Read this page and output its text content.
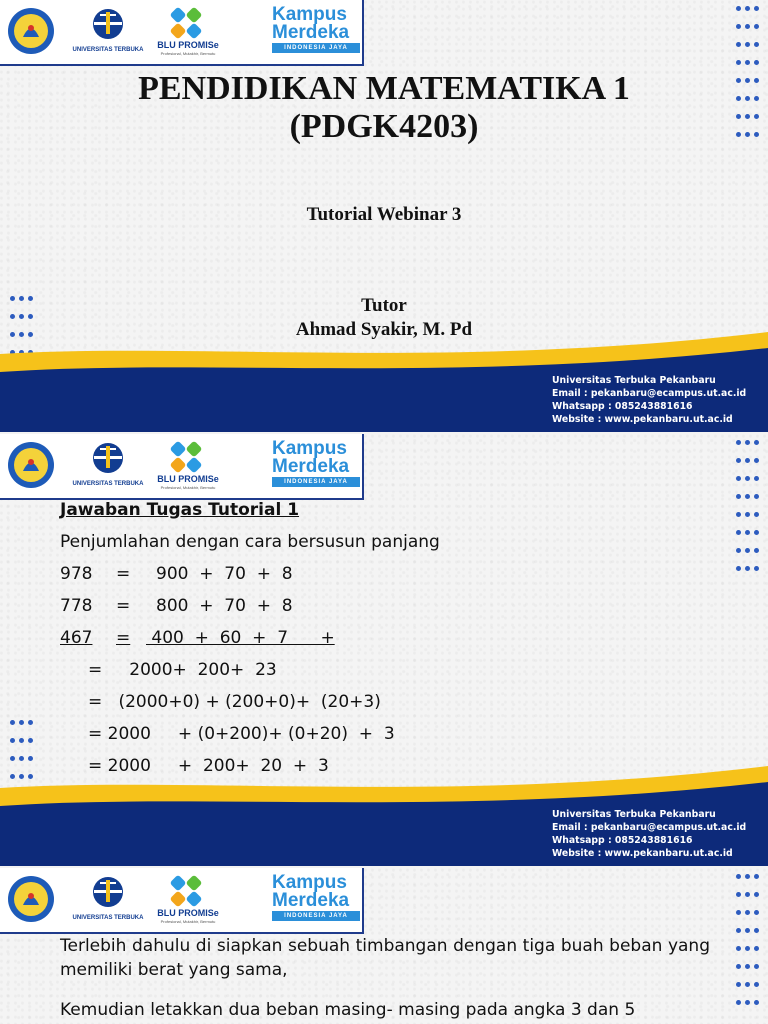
UNIVERSITAS TERBUKA BLU PROMISe
Profesional, Mutakhir, Bermutu
Kampus
Merdeka
INDONESIA JAYA
PENDIDIKAN MATEMATIKA 1
(PDGK4203)
Tutorial Webinar 3
Tutor
Ahmad Syakir, M. Pd
Universitas Terbuka Pekanbaru
Email : pekanbaru@ecampus.ut.ac.id
Whatsapp : 085243881616
Website : www.pekanbaru.ut.ac.id
UNIVERSITAS TERBUKA BLU PROMISe
Profesional, Mutakhir, Bermutu
Kampus
Merdeka
INDONESIA JAYA
Jawaban Tugas Tutorial 1
Penjumlahan dengan cara bersusun panjang
978 = 900  +  70  +  8
778 = 800  +  70  +  8
467 = 400  +  60  +  7      +
=     2000+  200+  23
=   (2000+0) + (200+0)+  (20+3)
= 2000     + (0+200)+ (0+20)  +  3
= 2000     +  200+  20  +  3
Universitas Terbuka Pekanbaru
Email : pekanbaru@ecampus.ut.ac.id
Whatsapp : 085243881616
Website : www.pekanbaru.ut.ac.id
UNIVERSITAS TERBUKA BLU PROMISe
Profesional, Mutakhir, Bermutu
Kampus
Merdeka
INDONESIA JAYA
Terlebih dahulu di siapkan sebuah timbangan dengan tiga buah beban yang memiliki berat yang sama,
Kemudian letakkan dua beban masing- masing pada angka 3 dan 5
